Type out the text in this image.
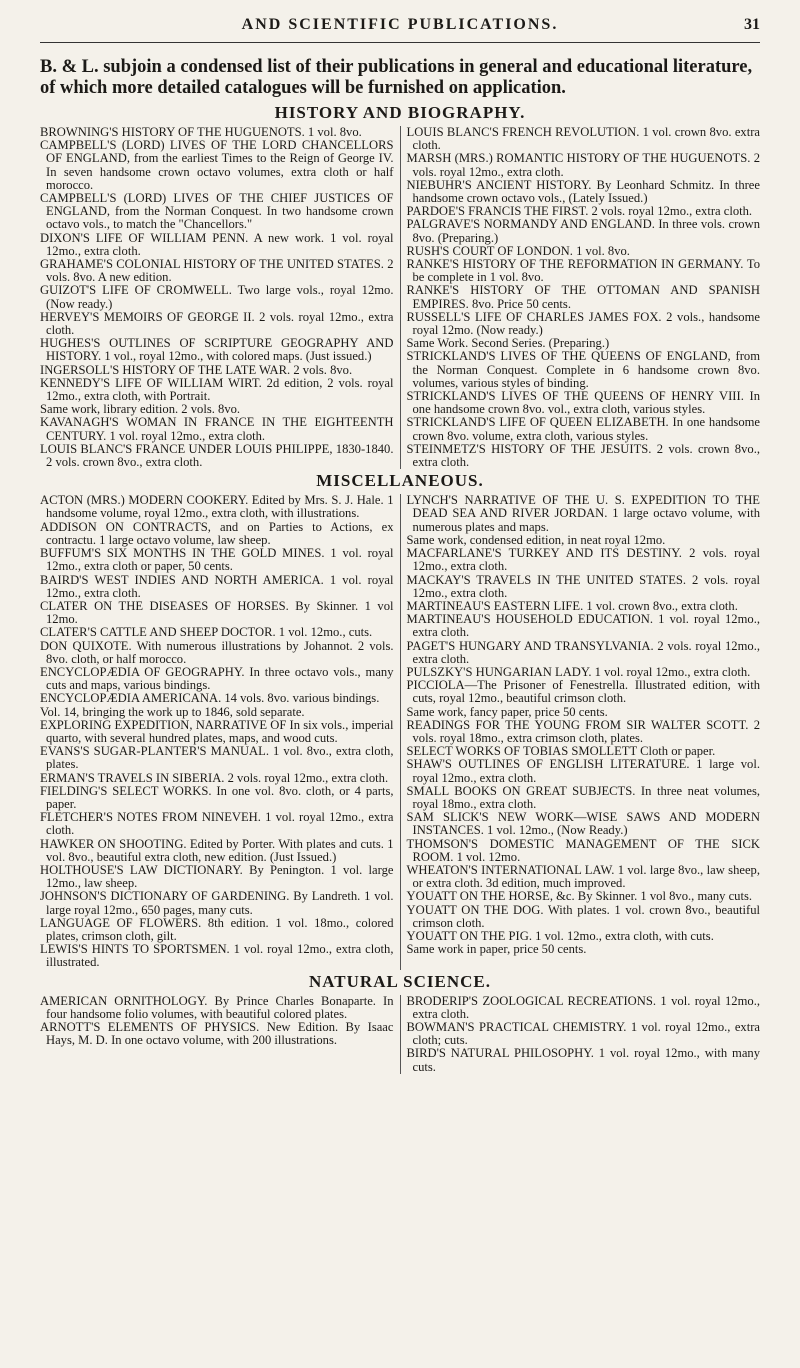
AND SCIENTIFIC PUBLICATIONS.	31

B. & L. subjoin a condensed list of their publications in general and educational literature, of which more detailed catalogues will be furnished on application.

HISTORY AND BIOGRAPHY.

BROWNING'S HISTORY OF THE HUGUENOTS. 1 vol. 8vo.

CAMPBELL'S (LORD) LIVES OF THE LORD CHANCELLORS OF ENGLAND, from the earliest Times to the Reign of George IV. In seven handsome crown octavo volumes, extra cloth or half morocco.

CAMPBELL'S (LORD) LIVES OF THE CHIEF JUSTICES OF ENGLAND, from the Norman Conquest. In two handsome crown octavo vols., to match the "Chancellors."

DIXON'S LIFE OF WILLIAM PENN. A new work. 1 vol. royal 12mo., extra cloth.

GRAHAME'S COLONIAL HISTORY OF THE UNITED STATES. 2 vols. 8vo. A new edition.

GUIZOT'S LIFE OF CROMWELL. Two large vols., royal 12mo. (Now ready.)

HERVEY'S MEMOIRS OF GEORGE II. 2 vols. royal 12mo., extra cloth.

HUGHES'S OUTLINES OF SCRIPTURE GEOGRAPHY AND HISTORY. 1 vol., royal 12mo., with colored maps. (Just issued.)

INGERSOLL'S HISTORY OF THE LATE WAR. 2 vols. 8vo.

KENNEDY'S LIFE OF WILLIAM WIRT. 2d edition, 2 vols. royal 12mo., extra cloth, with Portrait.

Same work, library edition. 2 vols. 8vo.

KAVANAGH'S WOMAN IN FRANCE IN THE EIGHTEENTH CENTURY. 1 vol. royal 12mo., extra cloth.

LOUIS BLANC'S FRANCE UNDER LOUIS PHILIPPE, 1830-1840. 2 vols. crown 8vo., extra cloth.

LOUIS BLANC'S FRENCH REVOLUTION. 1 vol. crown 8vo. extra cloth.

MARSH (MRS.) ROMANTIC HISTORY OF THE HUGUENOTS. 2 vols. royal 12mo., extra cloth.

NIEBUHR'S ANCIENT HISTORY. By Leonhard Schmitz. In three handsome crown octavo vols., (Lately Issued.)

PARDOE'S FRANCIS THE FIRST. 2 vols. royal 12mo., extra cloth.

PALGRAVE'S NORMANDY AND ENGLAND. In three vols. crown 8vo. (Preparing.)

RUSH'S COURT OF LONDON. 1 vol. 8vo.

RANKE'S HISTORY OF THE REFORMATION IN GERMANY. To be complete in 1 vol. 8vo.

RANKE'S HISTORY OF THE OTTOMAN AND SPANISH EMPIRES. 8vo. Price 50 cents.

RUSSELL'S LIFE OF CHARLES JAMES FOX. 2 vols., handsome royal 12mo. (Now ready.)

Same Work. Second Series. (Preparing.)

STRICKLAND'S LIVES OF THE QUEENS OF ENGLAND, from the Norman Conquest. Complete in 6 handsome crown 8vo. volumes, various styles of binding.

STRICKLAND'S LIVES OF THE QUEENS OF HENRY VIII. In one handsome crown 8vo. vol., extra cloth, various styles.

STRICKLAND'S LIFE OF QUEEN ELIZABETH. In one handsome crown 8vo. volume, extra cloth, various styles.

STEINMETZ'S HISTORY OF THE JESUITS. 2 vols. crown 8vo., extra cloth.

MISCELLANEOUS.

ACTON (MRS.) MODERN COOKERY. Edited by Mrs. S. J. Hale. 1 handsome volume, royal 12mo., extra cloth, with illustrations.

ADDISON ON CONTRACTS, and on Parties to Actions, ex contractu. 1 large octavo volume, law sheep.

BUFFUM'S SIX MONTHS IN THE GOLD MINES. 1 vol. royal 12mo., extra cloth or paper, 50 cents.

BAIRD'S WEST INDIES AND NORTH AMERICA. 1 vol. royal 12mo., extra cloth.

CLATER ON THE DISEASES OF HORSES. By Skinner. 1 vol 12mo.

CLATER'S CATTLE AND SHEEP DOCTOR. 1 vol. 12mo., cuts.

DON QUIXOTE. With numerous illustrations by Johannot. 2 vols. 8vo. cloth, or half morocco.

ENCYCLOPÆDIA OF GEOGRAPHY. In three octavo vols., many cuts and maps, various bindings.

ENCYCLOPÆDIA AMERICANA. 14 vols. 8vo. various bindings.

Vol. 14, bringing the work up to 1846, sold separate.

EXPLORING EXPEDITION, NARRATIVE OF In six vols., imperial quarto, with several hundred plates, maps, and wood cuts.

EVANS'S SUGAR-PLANTER'S MANUAL. 1 vol. 8vo., extra cloth, plates.

ERMAN'S TRAVELS IN SIBERIA. 2 vols. royal 12mo., extra cloth.

FIELDING'S SELECT WORKS. In one vol. 8vo. cloth, or 4 parts, paper.

FLETCHER'S NOTES FROM NINEVEH. 1 vol. royal 12mo., extra cloth.

HAWKER ON SHOOTING. Edited by Porter. With plates and cuts. 1 vol. 8vo., beautiful extra cloth, new edition. (Just Issued.)

HOLTHOUSE'S LAW DICTIONARY. By Penington. 1 vol. large 12mo., law sheep.

JOHNSON'S DICTIONARY OF GARDENING. By Landreth. 1 vol. large royal 12mo., 650 pages, many cuts.

LANGUAGE OF FLOWERS. 8th edition. 1 vol. 18mo., colored plates, crimson cloth, gilt.

LEWIS'S HINTS TO SPORTSMEN. 1 vol. royal 12mo., extra cloth, illustrated.

LYNCH'S NARRATIVE OF THE U. S. EXPEDITION TO THE DEAD SEA AND RIVER JORDAN. 1 large octavo volume, with numerous plates and maps.

Same work, condensed edition, in neat royal 12mo.

MACFARLANE'S TURKEY AND ITS DESTINY. 2 vols. royal 12mo., extra cloth.

MACKAY'S TRAVELS IN THE UNITED STATES. 2 vols. royal 12mo., extra cloth.

MARTINEAU'S EASTERN LIFE. 1 vol. crown 8vo., extra cloth.

MARTINEAU'S HOUSEHOLD EDUCATION. 1 vol. royal 12mo., extra cloth.

PAGET'S HUNGARY AND TRANSYLVANIA. 2 vols. royal 12mo., extra cloth.

PULSZKY'S HUNGARIAN LADY. 1 vol. royal 12mo., extra cloth.

PICCIOLA—The Prisoner of Fenestrella. Illustrated edition, with cuts, royal 12mo., beautiful crimson cloth.

Same work, fancy paper, price 50 cents.

READINGS FOR THE YOUNG FROM SIR WALTER SCOTT. 2 vols. royal 18mo., extra crimson cloth, plates.

SELECT WORKS OF TOBIAS SMOLLETT Cloth or paper.

SHAW'S OUTLINES OF ENGLISH LITERATURE. 1 large vol. royal 12mo., extra cloth.

SMALL BOOKS ON GREAT SUBJECTS. In three neat volumes, royal 18mo., extra cloth.

SAM SLICK'S NEW WORK—WISE SAWS AND MODERN INSTANCES. 1 vol. 12mo., (Now Ready.)

THOMSON'S DOMESTIC MANAGEMENT OF THE SICK ROOM. 1 vol. 12mo.

WHEATON'S INTERNATIONAL LAW. 1 vol. large 8vo., law sheep, or extra cloth. 3d edition, much improved.

YOUATT ON THE HORSE, &c. By Skinner. 1 vol 8vo., many cuts.

YOUATT ON THE DOG. With plates. 1 vol. crown 8vo., beautiful crimson cloth.

YOUATT ON THE PIG. 1 vol. 12mo., extra cloth, with cuts.

Same work in paper, price 50 cents.

NATURAL SCIENCE.

AMERICAN ORNITHOLOGY. By Prince Charles Bonaparte. In four handsome folio volumes, with beautiful colored plates.

ARNOTT'S ELEMENTS OF PHYSICS. New Edition. By Isaac Hays, M. D. In one octavo volume, with 200 illustrations.

BRODERIP'S ZOOLOGICAL RECREATIONS. 1 vol. royal 12mo., extra cloth.

BOWMAN'S PRACTICAL CHEMISTRY. 1 vol. royal 12mo., extra cloth; cuts.

BIRD'S NATURAL PHILOSOPHY. 1 vol. royal 12mo., with many cuts.
